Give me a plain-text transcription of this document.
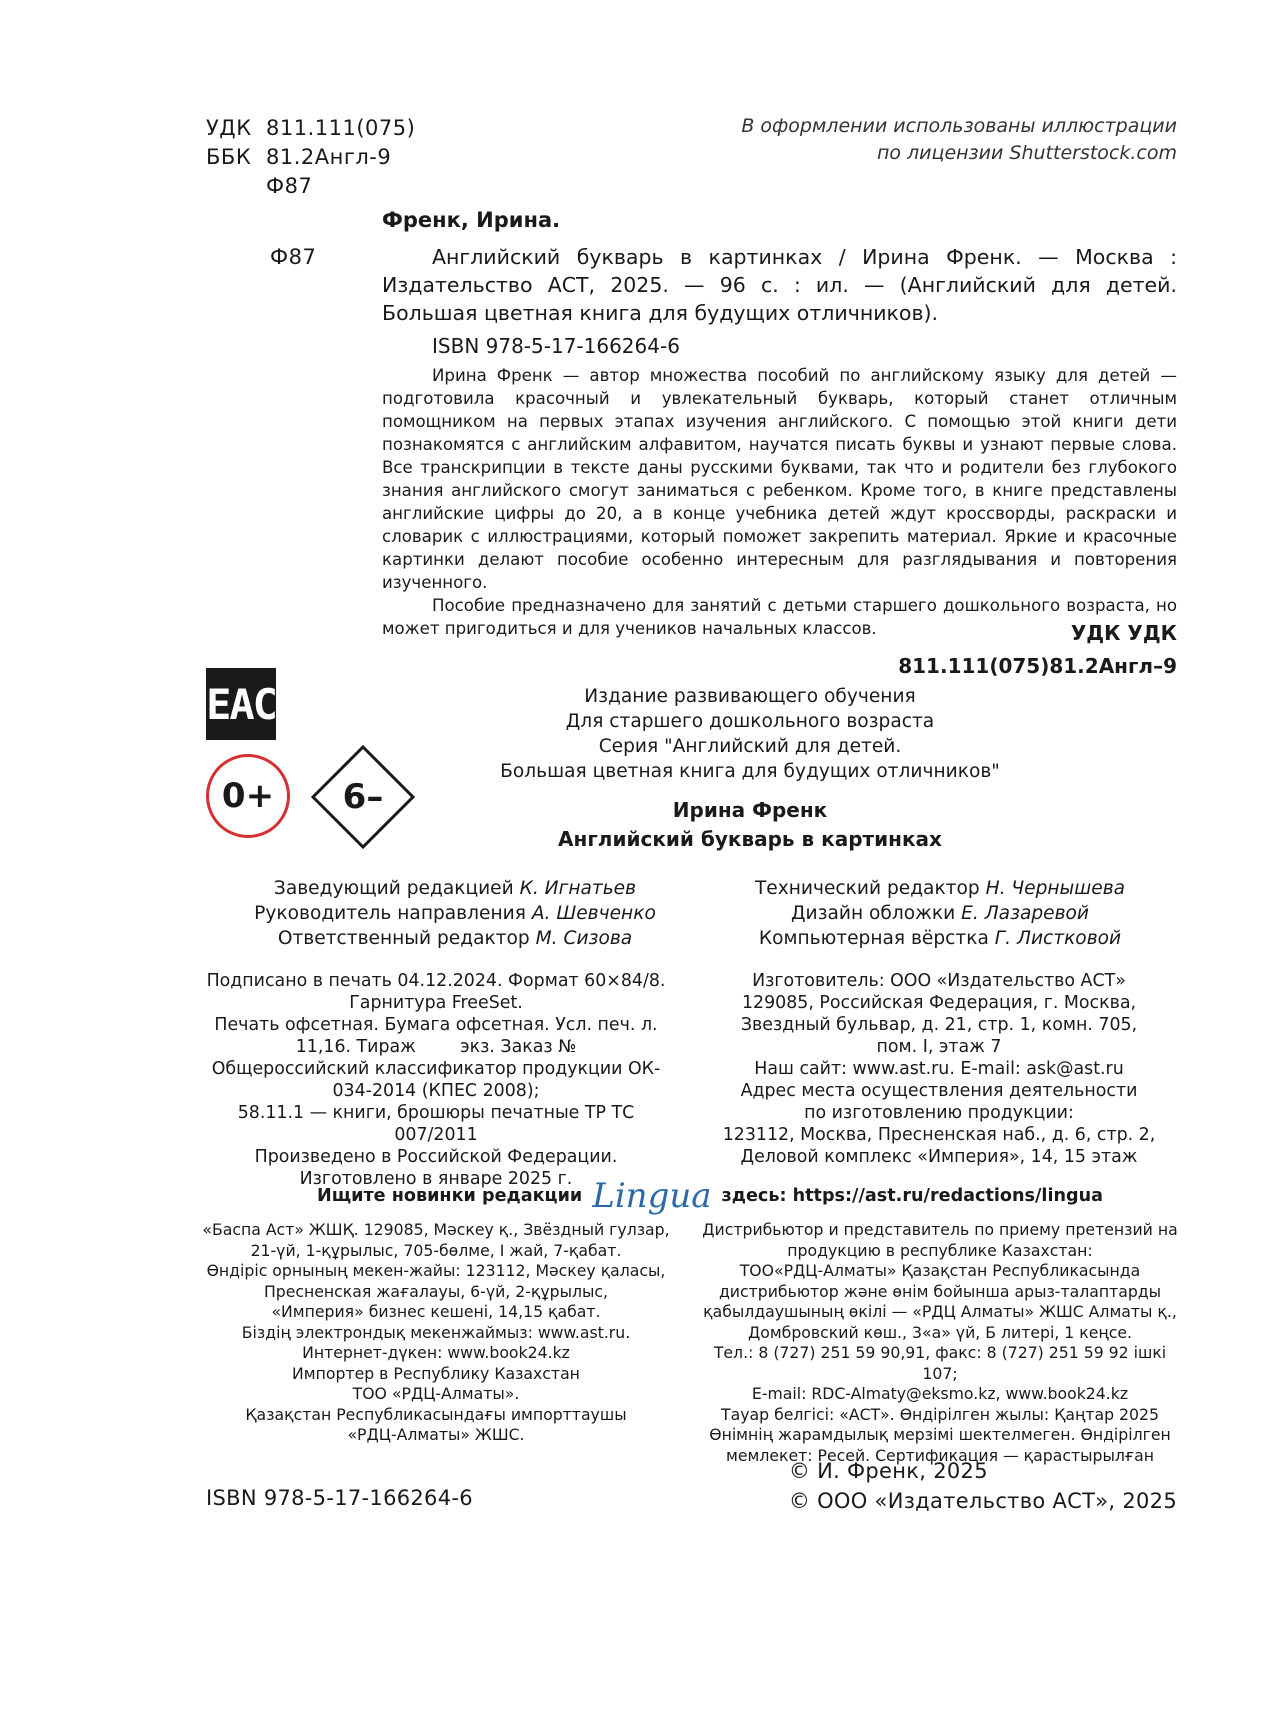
УДК 811.111(075)
ББК 81.2Англ-9
Ф87
В оформлении использованы иллюстрации
по лицензии Shutterstock.com
Френк, Ирина.
Ф87	Английский букварь в картинках / Ирина Френк. — Москва : Издательство АСТ, 2025. — 96 с. : ил. — (Английский для детей. Большая цветная книга для будущих отличников).
ISBN 978-5-17-166264-6

Ирина Френк — автор множества пособий по английскому языку для детей — подготовила красочный и увлекательный букварь, который станет отличным помощником на первых этапах изучения английского. С помощью этой книги дети познакомятся с английским алфавитом, научатся писать буквы и узнают первые слова. Все транскрипции в тексте даны русскими буквами, так что и родители без глубокого знания английского смогут заниматься с ребенком. Кроме того, в книге представлены английские цифры до 20, а в конце учебника детей ждут кроссворды, раскраски и словарик с иллюстрациями, который поможет закрепить материал. Яркие и красочные картинки делают пособие особенно интересным для разглядывания и повторения изученного.

Пособие предназначено для занятий с детьми старшего дошкольного возраста, но может пригодиться и для учеников начальных классов.	УДК УДК
811.111(075)81.2Англ–9
EAC
0+	6–
Издание развивающего обучения
Для старшего дошкольного возраста
Серия "Английский для детей.
Большая цветная книга для будущих отличников"
Ирина Френк
Английский букварь в картинках
Заведующий редакцией К. Игнатьев
Руководитель направления А. Шевченко
Ответственный редактор М. Сизова
Технический редактор Н. Чернышева
Дизайн обложки Е. Лазаревой
Компьютерная вёрстка Г. Листковой
Подписано в печать 04.12.2024. Формат 60×84/8.
Гарнитура FreeSet.
Печать офсетная. Бумага офсетная. Усл. печ. л.
11,16. Тираж        экз. Заказ №
Общероссийский классификатор продукции ОК-
034-2014 (КПЕС 2008);
58.11.1 — книги, брошюры печатные ТР ТС 007/2011
Произведено в Российской Федерации.
Изготовлено в январе 2025 г.
Изготовитель: ООО «Издательство АСТ»
129085, Российская Федерация, г. Москва,
Звездный бульвар, д. 21, стр. 1, комн. 705,
пом. I, этаж 7
Наш сайт: www.ast.ru. E-mail: ask@ast.ru
Адрес места осуществления деятельности
по изготовлению продукции:
123112, Москва, Пресненская наб., д. 6, стр. 2,
Деловой комплекс «Империя», 14, 15 этаж
Ищите новинки редакции Lingua здесь: https://ast.ru/redactions/lingua
«Баспа Аст» ЖШҚ. 129085, Мәскеу қ., Звёздный гулзар,
21-үй, 1-құрылыс, 705-бөлме, I жай, 7-қабат.
Өндіріс орнының мекен-жайы: 123112, Мәскеу қаласы,
Пресненская жағалауы, 6-үй, 2-құрылыс,
«Империя» бизнес кешені, 14,15 қабат.
Біздің электрондық мекенжаймыз: www.ast.ru.
Интернет-дүкен: www.book24.kz
Импортер в Республику Казахстан
ТОО «РДЦ-Алматы».
Қазақстан Республикасындағы импорттаушы
«РДЦ-Алматы» ЖШС.
Дистрибьютор и представитель по приему претензий на
продукцию в республике Казахстан:
ТОО«РДЦ-Алматы» Қазақстан Республикасында
дистрибьютор және өнім бойынша арыз-талаптарды
қабылдаушының өкілі — «РДЦ Алматы» ЖШС Алматы қ.,
Домбровский көш., 3«а» үй, Б литері, 1 кеңсе.
Тел.: 8 (727) 251 59 90,91, факс: 8 (727) 251 59 92 ішкі 107;
E-mail: RDC-Almaty@eksmo.kz, www.book24.kz
Тауар белгісі: «АСТ». Өндірілген жылы: Қаңтар 2025
Өнімнің жарамдылық мерзімі шектелмеген. Өндірілген
мемлекет: Ресей. Сертификация — қарастырылған
ISBN 978-5-17-166264-6
© И. Френк, 2025
© ООО «Издательство АСТ», 2025
